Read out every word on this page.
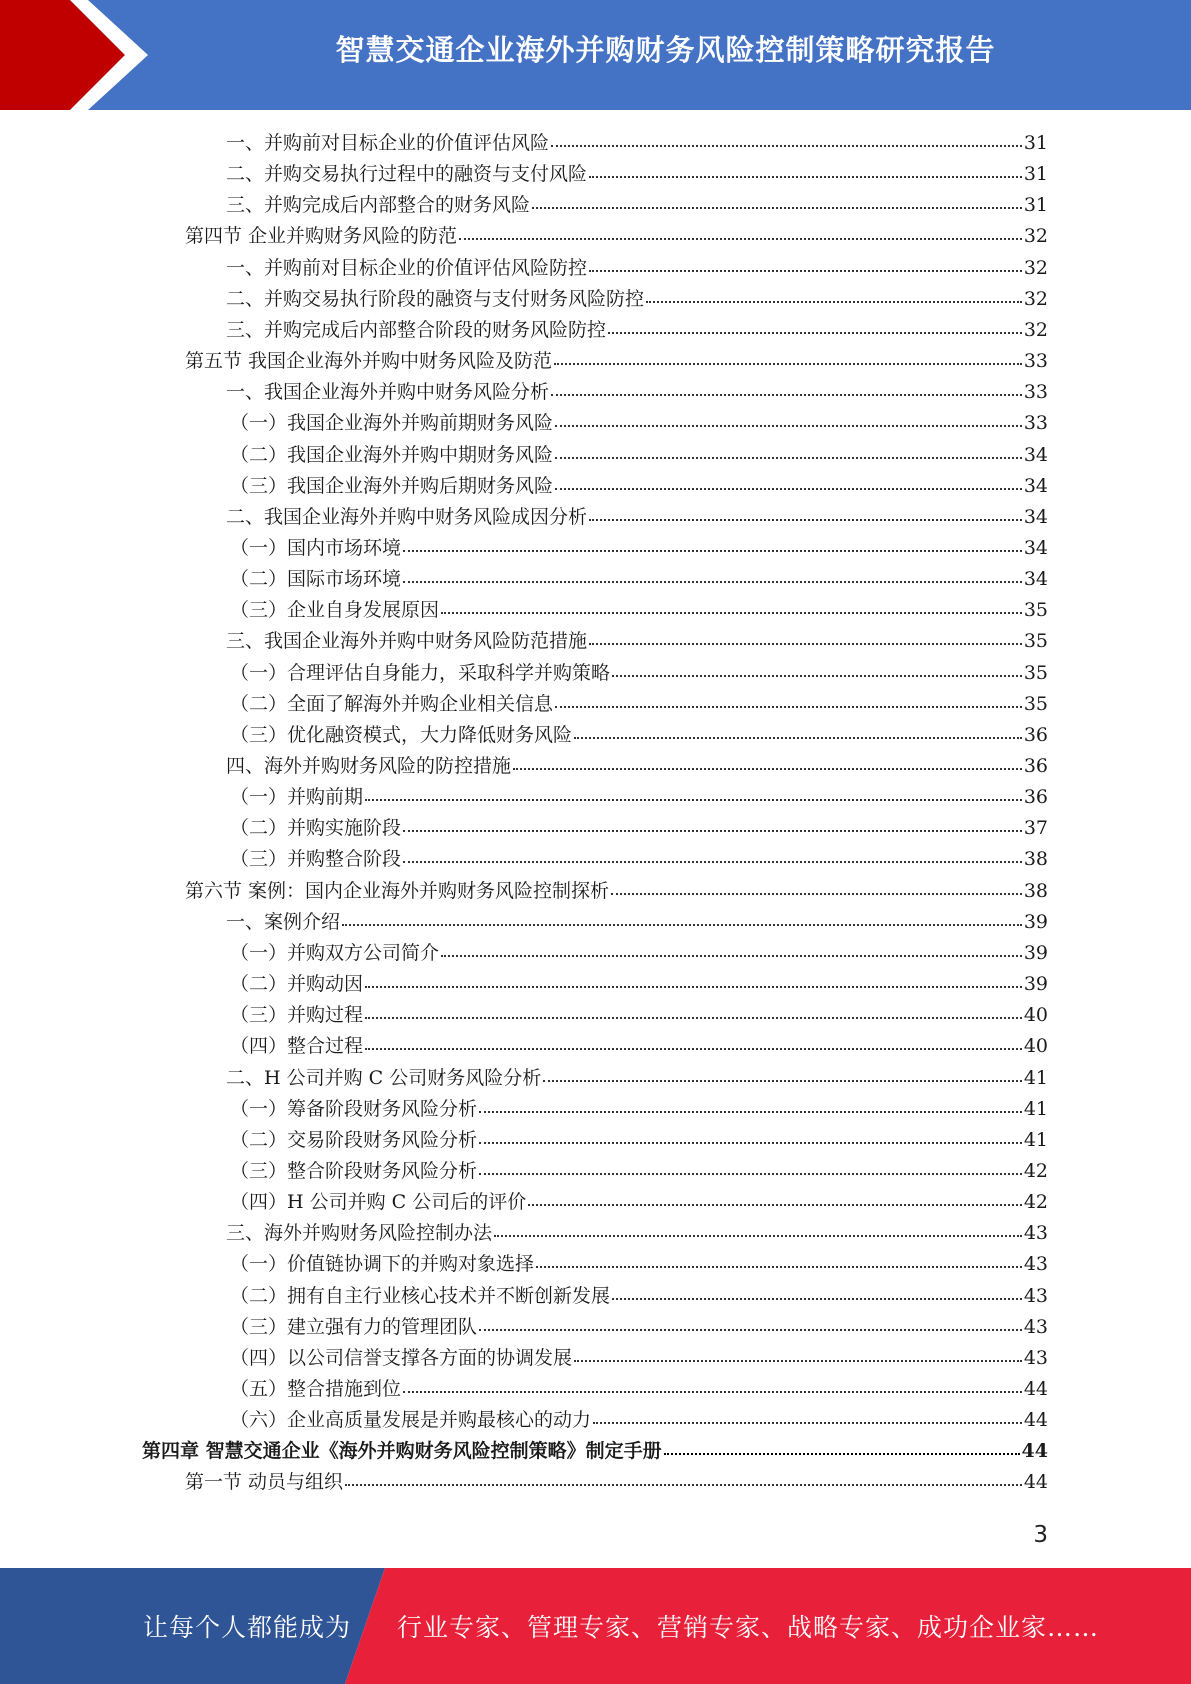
智慧交通企业海外并购财务风险控制策略研究报告
一、并购前对目标企业的价值评估风险	31
二、并购交易执行过程中的融资与支付风险	31
三、并购完成后内部整合的财务风险	31
第四节 企业并购财务风险的防范	32
一、并购前对目标企业的价值评估风险防控	32
二、并购交易执行阶段的融资与支付财务风险防控	32
三、并购完成后内部整合阶段的财务风险防控	32
第五节 我国企业海外并购中财务风险及防范	33
一、我国企业海外并购中财务风险分析	33
（一）我国企业海外并购前期财务风险	33
（二）我国企业海外并购中期财务风险	34
（三）我国企业海外并购后期财务风险	34
二、我国企业海外并购中财务风险成因分析	34
（一）国内市场环境	34
（二）国际市场环境	34
（三）企业自身发展原因	35
三、我国企业海外并购中财务风险防范措施	35
（一）合理评估自身能力，采取科学并购策略	35
（二）全面了解海外并购企业相关信息	35
（三）优化融资模式，大力降低财务风险	36
四、海外并购财务风险的防控措施	36
（一）并购前期	36
（二）并购实施阶段	37
（三）并购整合阶段	38
第六节 案例：国内企业海外并购财务风险控制探析	38
一、案例介绍	39
（一）并购双方公司简介	39
（二）并购动因	39
（三）并购过程	40
（四）整合过程	40
二、H 公司并购 C 公司财务风险分析	41
（一）筹备阶段财务风险分析	41
（二）交易阶段财务风险分析	41
（三）整合阶段财务风险分析	42
（四）H 公司并购 C 公司后的评价	42
三、海外并购财务风险控制办法	43
（一）价值链协调下的并购对象选择	43
（二）拥有自主行业核心技术并不断创新发展	43
（三）建立强有力的管理团队	43
（四）以公司信誉支撑各方面的协调发展	43
（五）整合措施到位	44
（六）企业高质量发展是并购最核心的动力	44
第四章 智慧交通企业《海外并购财务风险控制策略》制定手册	44
第一节 动员与组织	44
3
让每个人都能成为 行业专家、管理专家、营销专家、战略专家、成功企业家……
